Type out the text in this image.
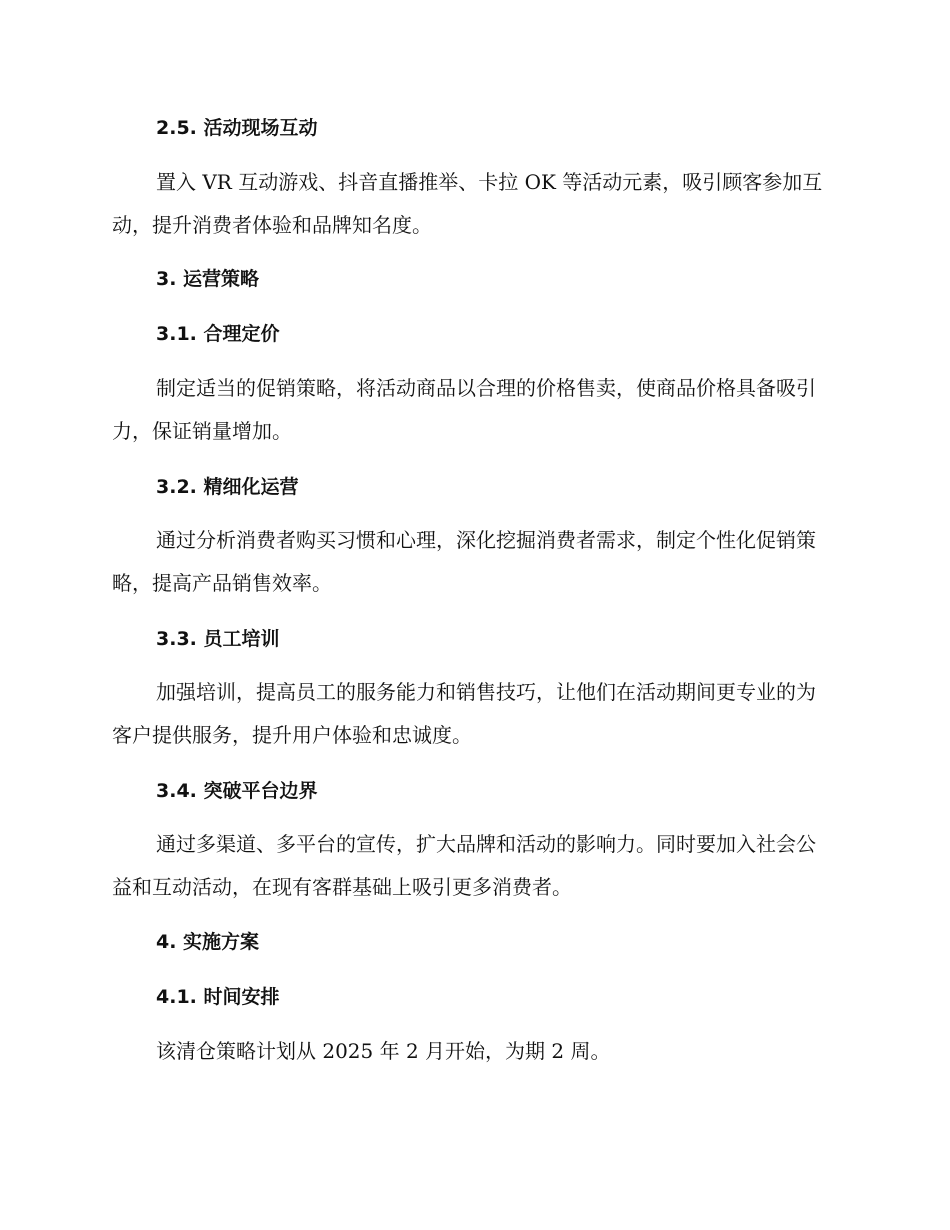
2.5. 活动现场互动
置入 VR 互动游戏、抖音直播推举、卡拉 OK 等活动元素，吸引顾客参加互动，提升消费者体验和品牌知名度。
3. 运营策略
3.1. 合理定价
制定适当的促销策略，将活动商品以合理的价格售卖，使商品价格具备吸引力，保证销量增加。
3.2. 精细化运营
通过分析消费者购买习惯和心理，深化挖掘消费者需求，制定个性化促销策略，提高产品销售效率。
3.3. 员工培训
加强培训，提高员工的服务能力和销售技巧，让他们在活动期间更专业的为客户提供服务，提升用户体验和忠诚度。
3.4. 突破平台边界
通过多渠道、多平台的宣传，扩大品牌和活动的影响力。同时要加入社会公益和互动活动，在现有客群基础上吸引更多消费者。
4. 实施方案
4.1. 时间安排
该清仓策略计划从 2025 年 2 月开始，为期 2 周。
